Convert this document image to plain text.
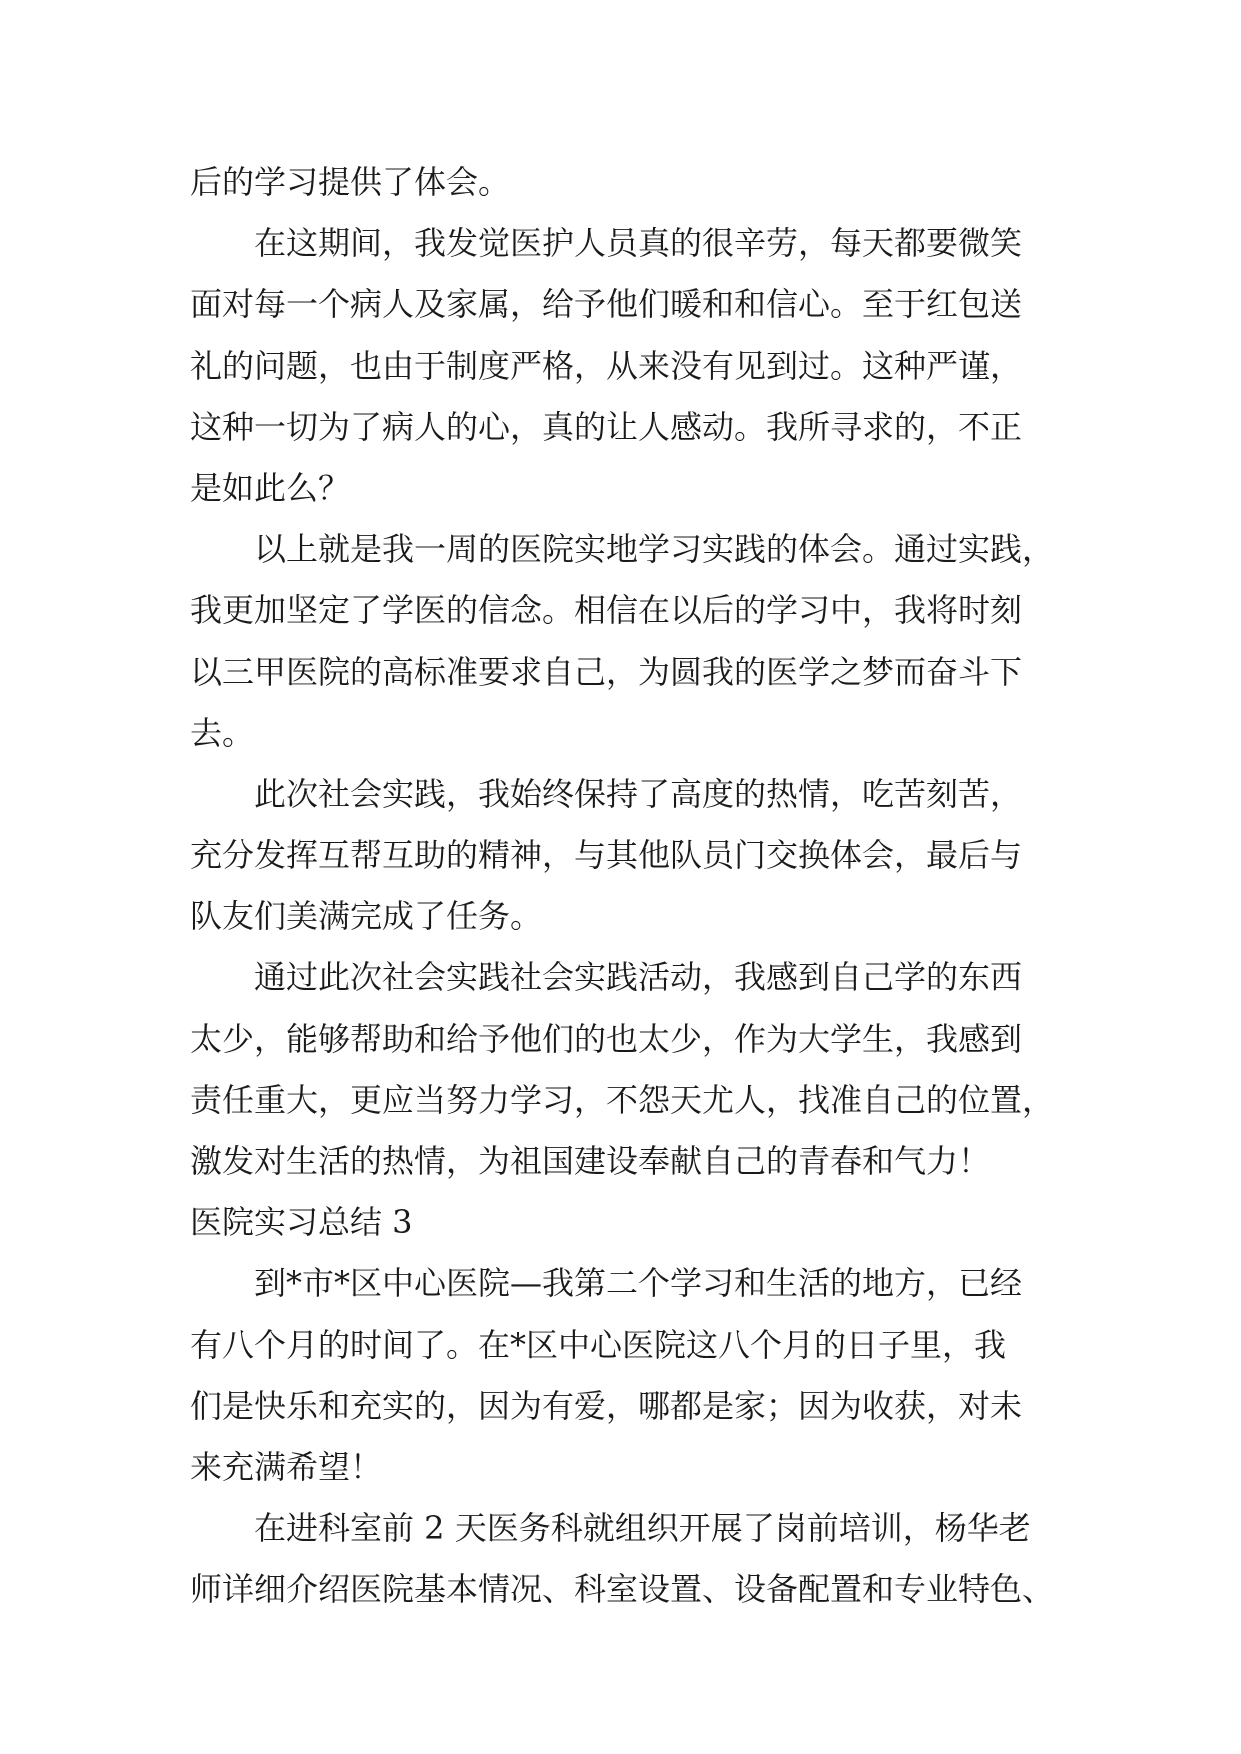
后的学习提供了体会。
　　在这期间，我发觉医护人员真的很辛劳，每天都要微笑
面对每一个病人及家属，给予他们暖和和信心。至于红包送
礼的问题，也由于制度严格，从来没有见到过。这种严谨，
这种一切为了病人的心，真的让人感动。我所寻求的，不正
是如此么？
　　以上就是我一周的医院实地学习实践的体会。通过实践，
我更加坚定了学医的信念。相信在以后的学习中，我将时刻
以三甲医院的高标准要求自己，为圆我的医学之梦而奋斗下
去。
　　此次社会实践，我始终保持了高度的热情，吃苦刻苦，
充分发挥互帮互助的精神，与其他队员门交换体会，最后与
队友们美满完成了任务。
　　通过此次社会实践社会实践活动，我感到自己学的东西
太少，能够帮助和给予他们的也太少，作为大学生，我感到
责任重大，更应当努力学习，不怨天尤人，找准自己的位置，
激发对生活的热情，为祖国建设奉献自己的青春和气力！
医院实习总结 3
　　到*市*区中心医院—我第二个学习和生活的地方，已经
有八个月的时间了。在*区中心医院这八个月的日子里，我
们是快乐和充实的，因为有爱，哪都是家；因为收获，对未
来充满希望！
　　在进科室前 2 天医务科就组织开展了岗前培训，杨华老
师详细介绍医院基本情况、科室设置、设备配置和专业特色、
